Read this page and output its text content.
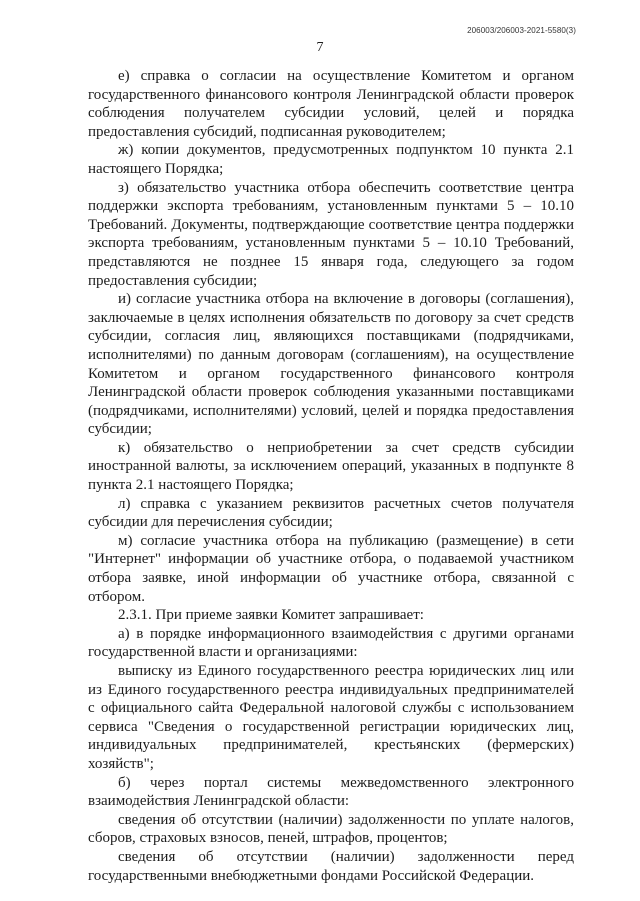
206003/206003-2021-5580(3)
7

е) справка о согласии на осуществление Комитетом и органом государственного финансового контроля Ленинградской области проверок соблюдения получателем субсидии условий, целей и порядка предоставления субсидий, подписанная руководителем;

ж) копии документов, предусмотренных подпунктом 10 пункта 2.1 настоящего Порядка;

з) обязательство участника отбора обеспечить соответствие центра поддержки экспорта требованиям, установленным пунктами 5 – 10.10 Требований. Документы, подтверждающие соответствие центра поддержки экспорта требованиям, установленным пунктами 5 – 10.10 Требований, представляются не позднее 15 января года, следующего за годом предоставления субсидии;

и) согласие участника отбора на включение в договоры (соглашения), заключаемые в целях исполнения обязательств по договору за счет средств субсидии, согласия лиц, являющихся поставщиками (подрядчиками, исполнителями) по данным договорам (соглашениям), на осуществление Комитетом и органом государственного финансового контроля Ленинградской области проверок соблюдения указанными поставщиками (подрядчиками, исполнителями) условий, целей и порядка предоставления субсидии;

к) обязательство о неприобретении за счет средств субсидии иностранной валюты, за исключением операций, указанных в подпункте 8 пункта 2.1 настоящего Порядка;

л) справка с указанием реквизитов расчетных счетов получателя субсидии для перечисления субсидии;

м) согласие участника отбора на публикацию (размещение) в сети "Интернет" информации об участнике отбора, о подаваемой участником отбора заявке, иной информации об участнике отбора, связанной с отбором.

2.3.1. При приеме заявки Комитет запрашивает:

а) в порядке информационного взаимодействия с другими органами государственной власти и организациями:

выписку из Единого государственного реестра юридических лиц или из Единого государственного реестра индивидуальных предпринимателей с официального сайта Федеральной налоговой службы с использованием сервиса "Сведения о государственной регистрации юридических лиц, индивидуальных предпринимателей, крестьянских (фермерских) хозяйств";

б) через портал системы межведомственного электронного взаимодействия Ленинградской области:

сведения об отсутствии (наличии) задолженности по уплате налогов, сборов, страховых взносов, пеней, штрафов, процентов;

сведения об отсутствии (наличии) задолженности перед государственными внебюджетными фондами Российской Федерации.
